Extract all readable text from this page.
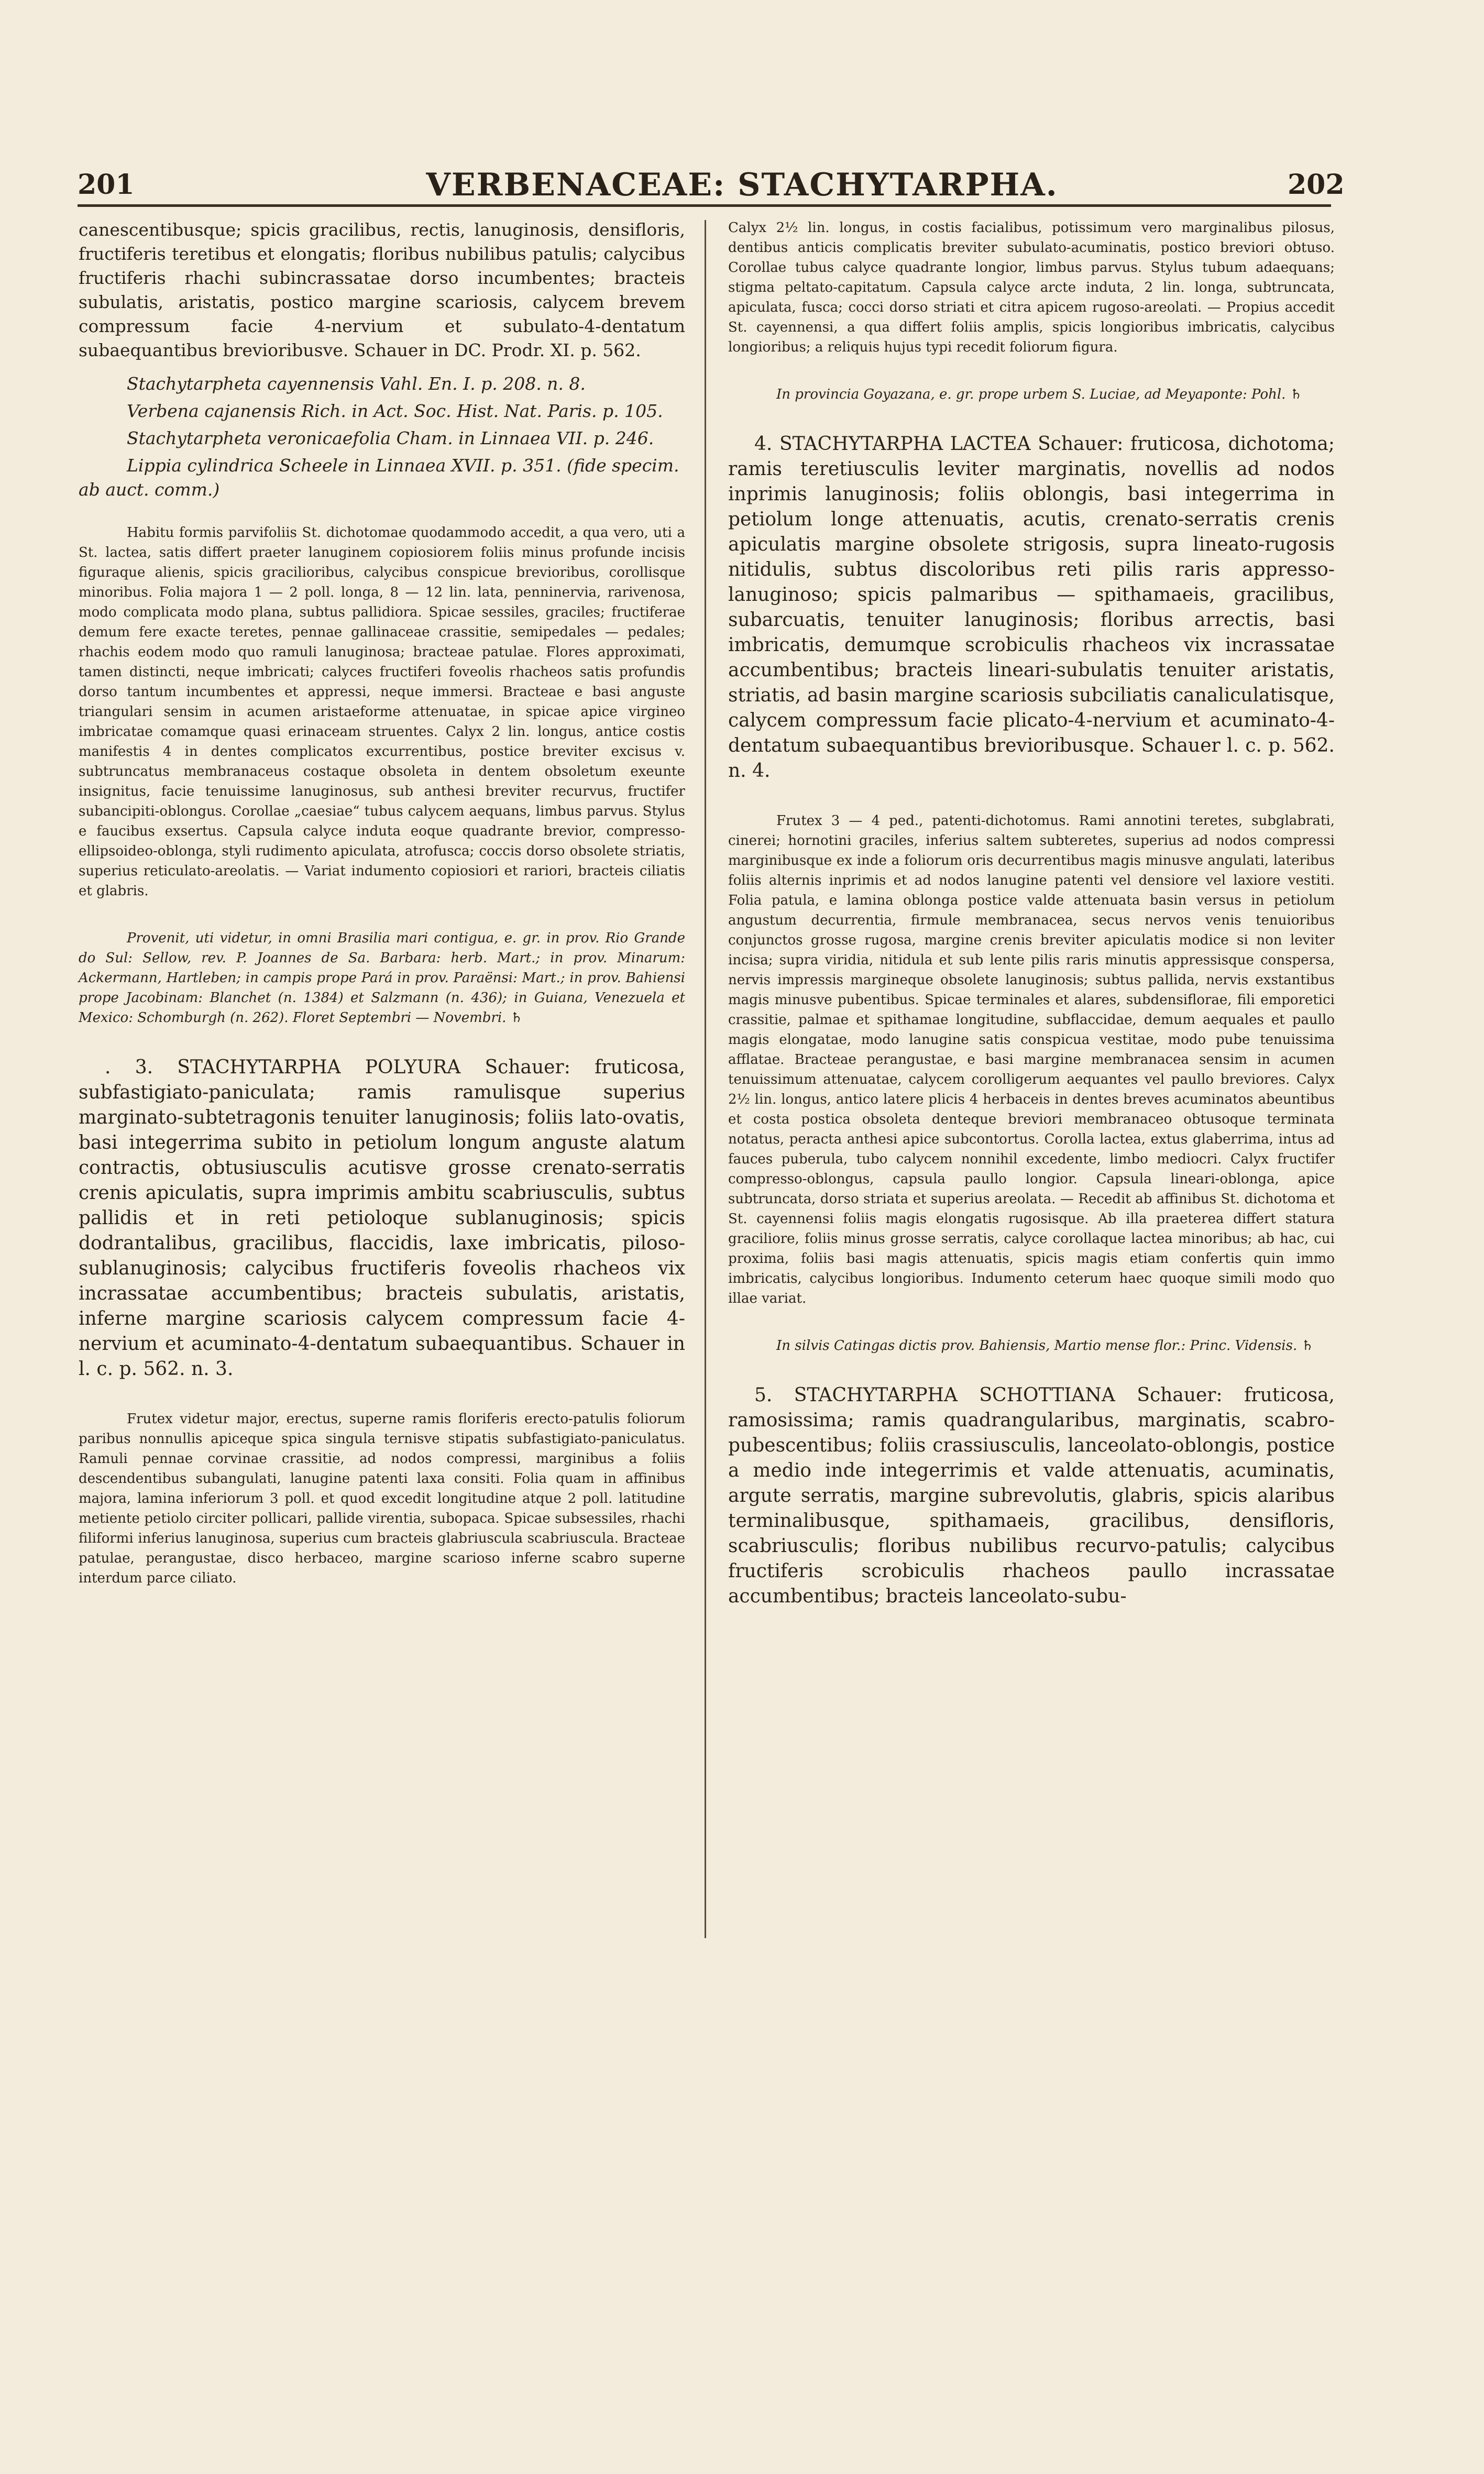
201	VERBENACEAE: STACHYTARPHA.	202

canescentibusque; spicis gracilibus, rectis, lanuginosis, densifloris, fructiferis teretibus et elongatis; floribus nubilibus patulis; calycibus fructiferis rhachi subincrassatae dorso incumbentes; bracteis subulatis, aristatis, postico margine scariosis, calycem brevem compressum facie 4-nervium et subulato-4-dentatum subaequantibus brevioribusve. Schauer in DC. Prodr. XI. p. 562.

Stachytarpheta cayennensis Vahl. En. I. p. 208. n. 8.

Verbena cajanensis Rich. in Act. Soc. Hist. Nat. Paris. p. 105.

Stachytarpheta veronicaefolia Cham. in Linnaea VII. p. 246.

Lippia cylindrica Scheele in Linnaea XVII. p. 351. (fide specim. ab auct. comm.)

Habitu formis parvifoliis St. dichotomae quodammodo accedit, a qua vero, uti a St. lactea, satis differt praeter lanuginem copiosiorem foliis minus profunde incisis figuraque alienis, spicis gracilioribus, calycibus conspicue brevioribus, corollisque minoribus. Folia majora 1 — 2 poll. longa, 8 — 12 lin. lata, penninervia, rarivenosa, modo complicata modo plana, subtus pallidiora. Spicae sessiles, graciles; fructiferae demum fere exacte teretes, pennae gallinaceae crassitie, semipedales — pedales; rhachis eodem modo quo ramuli lanuginosa; bracteae patulae. Flores approximati, tamen distincti, neque imbricati; calyces fructiferi foveolis rhacheos satis profundis dorso tantum incumbentes et appressi, neque immersi. Bracteae e basi anguste triangulari sensim in acumen aristaeforme attenuatae, in spicae apice virgineo imbricatae comamque quasi erinaceam struentes. Calyx 2 lin. longus, antice costis manifestis 4 in dentes complicatos excurrentibus, postice breviter excisus v. subtruncatus membranaceus costaque obsoleta in dentem obsoletum exeunte insignitus, facie tenuissime lanuginosus, sub anthesi breviter recurvus, fructifer subancipiti-oblongus. Corollae „caesiae“ tubus calycem aequans, limbus parvus. Stylus e faucibus exsertus. Capsula calyce induta eoque quadrante brevior, compresso-ellipsoideo-oblonga, styli rudimento apiculata, atrofusca; coccis dorso obsolete striatis, superius reticulato-areolatis. — Variat indumento copiosiori et rariori, bracteis ciliatis et glabris.

Provenit, uti videtur, in omni Brasilia mari contigua, e. gr. in prov. Rio Grande do Sul: Sellow, rev. P. Joannes de Sa. Barbara: herb. Mart.; in prov. Minarum: Ackermann, Hartleben; in campis prope Pará in prov. Paraënsi: Mart.; in prov. Bahiensi prope Jacobinam: Blanchet (n. 1384) et Salzmann (n. 436); in Guiana, Venezuela et Mexico: Schomburgh (n. 262). Floret Septembri — Novembri. ♄

. 3. STACHYTARPHA POLYURA Schauer: fruticosa, subfastigiato-paniculata; ramis ramulisque superius marginato-subtetragonis tenuiter lanuginosis; foliis lato-ovatis, basi integerrima subito in petiolum longum anguste alatum contractis, obtusiusculis acutisve grosse crenato-serratis crenis apiculatis, supra imprimis ambitu scabriusculis, subtus pallidis et in reti petioloque sublanuginosis; spicis dodrantalibus, gracilibus, flaccidis, laxe imbricatis, piloso-sublanuginosis; calycibus fructiferis foveolis rhacheos vix incrassatae accumbentibus; bracteis subulatis, aristatis, inferne margine scariosis calycem compressum facie 4-nervium et acuminato-4-dentatum subaequantibus. Schauer in l. c. p. 562. n. 3.

Frutex videtur major, erectus, superne ramis floriferis erecto-patulis foliorum paribus nonnullis apiceque spica singula ternisve stipatis subfastigiato-paniculatus. Ramuli pennae corvinae crassitie, ad nodos compressi, marginibus a foliis descendentibus subangulati, lanugine patenti laxa consiti. Folia quam in affinibus majora, lamina inferiorum 3 poll. et quod excedit longitudine atque 2 poll. latitudine metiente petiolo circiter pollicari, pallide virentia, subopaca. Spicae subsessiles, rhachi filiformi inferius lanuginosa, superius cum bracteis glabriuscula scabriuscula. Bracteae patulae, perangustae, disco herbaceo, margine scarioso inferne scabro superne interdum parce ciliato.

Calyx 2½ lin. longus, in costis facialibus, potissimum vero marginalibus pilosus, dentibus anticis complicatis breviter subulato-acuminatis, postico breviori obtuso. Corollae tubus calyce quadrante longior, limbus parvus. Stylus tubum adaequans; stigma peltato-capitatum. Capsula calyce arcte induta, 2 lin. longa, subtruncata, apiculata, fusca; cocci dorso striati et citra apicem rugoso-areolati. — Propius accedit St. cayennensi, a qua differt foliis amplis, spicis longioribus imbricatis, calycibus longioribus; a reliquis hujus typi recedit foliorum figura.

In provincia Goyazana, e. gr. prope urbem S. Luciae, ad Meyaponte: Pohl. ♄

4. STACHYTARPHA LACTEA Schauer: fruticosa, dichotoma; ramis teretiusculis leviter marginatis, novellis ad nodos inprimis lanuginosis; foliis oblongis, basi integerrima in petiolum longe attenuatis, acutis, crenato-serratis crenis apiculatis margine obsolete strigosis, supra lineato-rugosis nitidulis, subtus discoloribus reti pilis raris appresso-lanuginoso; spicis palmaribus — spithamaeis, gracilibus, subarcuatis, tenuiter lanuginosis; floribus arrectis, basi imbricatis, demumque scrobiculis rhacheos vix incrassatae accumbentibus; bracteis lineari-subulatis tenuiter aristatis, striatis, ad basin margine scariosis subciliatis canaliculatisque, calycem compressum facie plicato-4-nervium et acuminato-4-dentatum subaequantibus brevioribusque. Schauer l. c. p. 562. n. 4.

Frutex 3 — 4 ped., patenti-dichotomus. Rami annotini teretes, subglabrati, cinerei; hornotini graciles, inferius saltem subteretes, superius ad nodos compressi marginibusque ex inde a foliorum oris decurrentibus magis minusve angulati, lateribus foliis alternis inprimis et ad nodos lanugine patenti vel densiore vel laxiore vestiti. Folia patula, e lamina oblonga postice valde attenuata basin versus in petiolum angustum decurrentia, firmule membranacea, secus nervos venis tenuioribus conjunctos grosse rugosa, margine crenis breviter apiculatis modice si non leviter incisa; supra viridia, nitidula et sub lente pilis raris minutis appressisque conspersa, nervis impressis margineque obsolete lanuginosis; subtus pallida, nervis exstantibus magis minusve pubentibus. Spicae terminales et alares, subdensiflorae, fili emporetici crassitie, palmae et spithamae longitudine, subflaccidae, demum aequales et paullo magis elongatae, modo lanugine satis conspicua vestitae, modo pube tenuissima afflatae. Bracteae perangustae, e basi margine membranacea sensim in acumen tenuissimum attenuatae, calycem corolligerum aequantes vel paullo breviores. Calyx 2½ lin. longus, antico latere plicis 4 herbaceis in dentes breves acuminatos abeuntibus et costa postica obsoleta denteque breviori membranaceo obtusoque terminata notatus, peracta anthesi apice subcontortus. Corolla lactea, extus glaberrima, intus ad fauces puberula, tubo calycem nonnihil excedente, limbo mediocri. Calyx fructifer compresso-oblongus, capsula paullo longior. Capsula lineari-oblonga, apice subtruncata, dorso striata et superius areolata. — Recedit ab affinibus St. dichotoma et St. cayennensi foliis magis elongatis rugosisque. Ab illa praeterea differt statura graciliore, foliis minus grosse serratis, calyce corollaque lactea minoribus; ab hac, cui proxima, foliis basi magis attenuatis, spicis magis etiam confertis quin immo imbricatis, calycibus longioribus. Indumento ceterum haec quoque simili modo quo illae variat.

In silvis Catingas dictis prov. Bahiensis, Martio mense flor.: Princ. Vidensis. ♄

5. STACHYTARPHA SCHOTTIANA Schauer: fruticosa, ramosissima; ramis quadrangularibus, marginatis, scabro-pubescentibus; foliis crassiusculis, lanceolato-oblongis, postice a medio inde integerrimis et valde attenuatis, acuminatis, argute serratis, margine subrevolutis, glabris, spicis alaribus terminalibusque, spithamaeis, gracilibus, densifloris, scabriusculis; floribus nubilibus recurvo-patulis; calycibus fructiferis scrobiculis rhacheos paullo incrassatae accumbentibus; bracteis lanceolato-subu-
